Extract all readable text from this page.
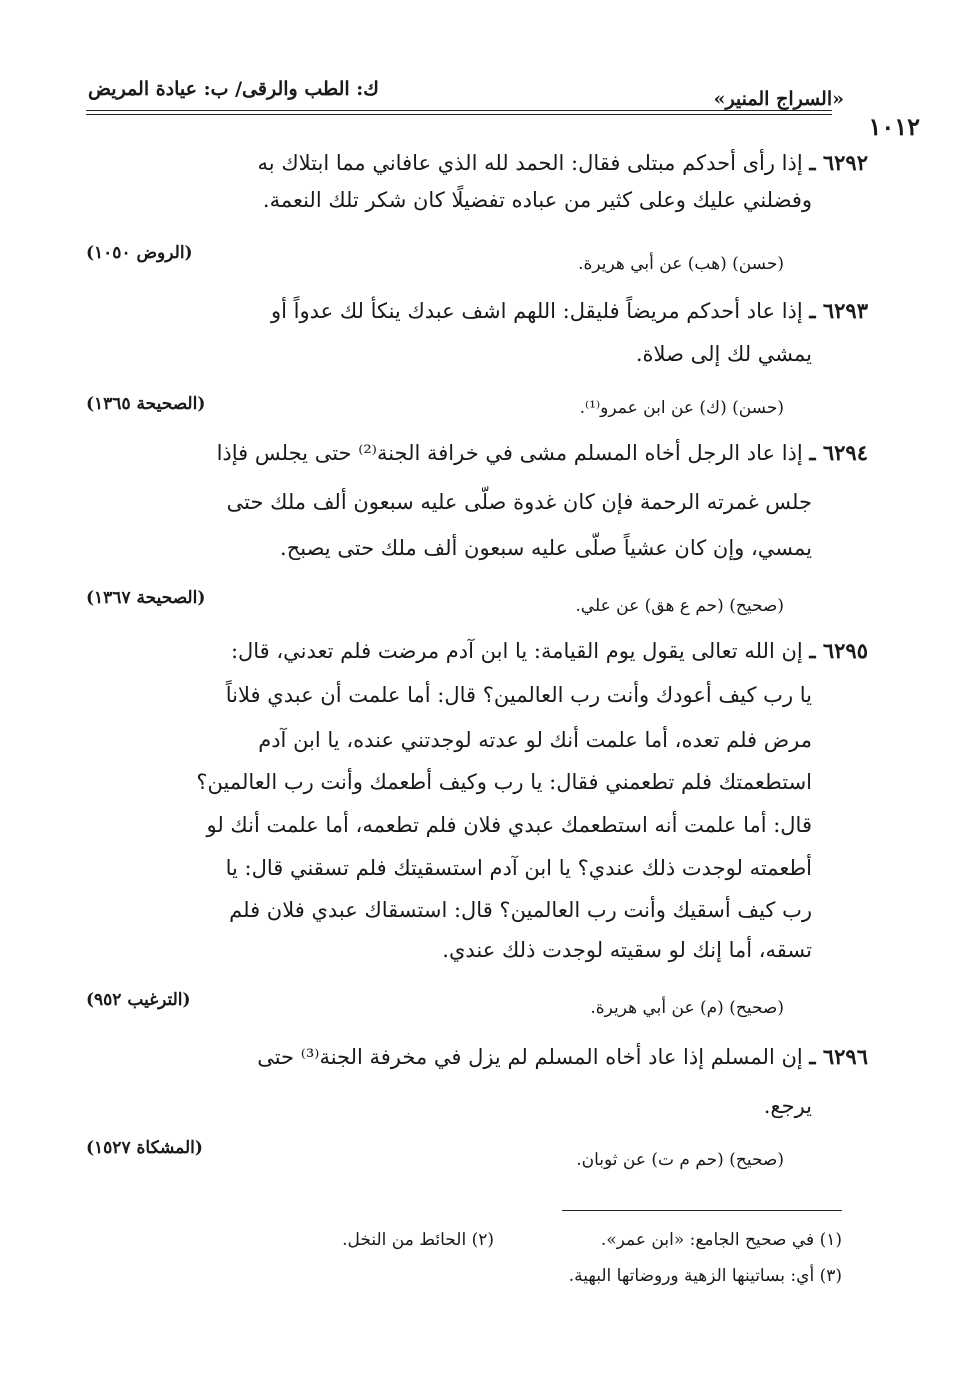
«السراج المنير»
ك: الطب والرقى/ ب: عيادة المريض
١٠١٢
٦٢٩٢ ـ إذا رأى أحدكم مبتلى فقال: الحمد لله الذي عافاني مما ابتلاك به
وفضلني عليك وعلى كثير من عباده تفضيلًا كان شكر تلك النعمة.
(حسن) (هب) عن أبي هريرة.
(الروض ١٠٥٠)
٦٢٩٣ ـ إذا عاد أحدكم مريضاً فليقل: اللهم اشف عبدك ينكأ لك عدواً أو
يمشي لك إلى صلاة.
(حسن) (ك) عن ابن عمرو⁽¹⁾.
(الصحيحة ١٣٦٥)
٦٢٩٤ ـ إذا عاد الرجل أخاه المسلم مشى في خرافة الجنة⁽²⁾ حتى يجلس فإذا
جلس غمرته الرحمة فإن كان غدوة صلّى عليه سبعون ألف ملك حتى
يمسي، وإن كان عشياً صلّى عليه سبعون ألف ملك حتى يصبح.
(صحيح) (حم ع هق) عن علي.
(الصحيحة ١٣٦٧)
٦٢٩٥ ـ إن الله تعالى يقول يوم القيامة: يا ابن آدم مرضت فلم تعدني، قال:
يا رب كيف أعودك وأنت رب العالمين؟ قال: أما علمت أن عبدي فلاناً
مرض فلم تعده، أما علمت أنك لو عدته لوجدتني عنده، يا ابن آدم
استطعمتك فلم تطعمني فقال: يا رب وكيف أطعمك وأنت رب العالمين؟
قال: أما علمت أنه استطعمك عبدي فلان فلم تطعمه، أما علمت أنك لو
أطعمته لوجدت ذلك عندي؟ يا ابن آدم استسقيتك فلم تسقني قال: يا
رب كيف أسقيك وأنت رب العالمين؟ قال: استسقاك عبدي فلان فلم
تسقه، أما إنك لو سقيته لوجدت ذلك عندي.
(صحيح) (م) عن أبي هريرة.
(الترغيب ٩٥٢)
٦٢٩٦ ـ إن المسلم إذا عاد أخاه المسلم لم يزل في مخرفة الجنة⁽³⁾ حتى
يرجع.
(صحيح) (حم م ت) عن ثوبان.
(المشكاة ١٥٢٧)
(١) في صحيح الجامع: «ابن عمر».
(٢) الحائط من النخل.
(٣) أي: بساتينها الزهية وروضاتها البهية.
